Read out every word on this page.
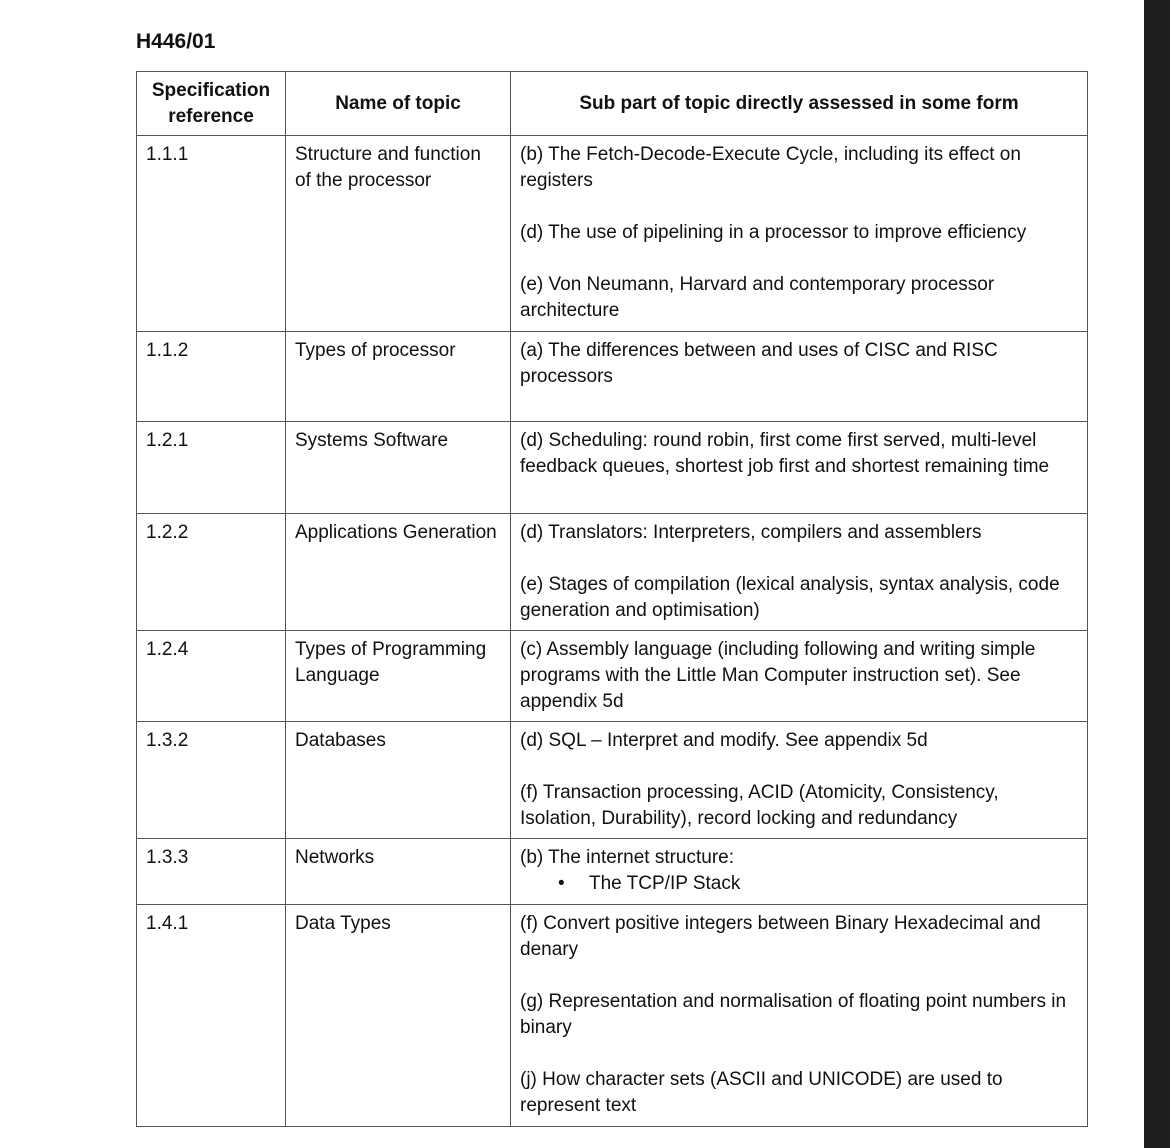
H446/01
Specification reference	Name of topic	Sub part of topic directly assessed in some form
1.1.1	Structure and function of the processor	(b) The Fetch-Decode-Execute Cycle, including its effect on registers

(d) The use of pipelining in a processor to improve efficiency

(e) Von Neumann, Harvard and contemporary processor architecture

1.1.2	Types of processor	(a) The differences between and uses of CISC and RISC processors

1.2.1	Systems Software	(d) Scheduling: round robin, first come first served, multi-level feedback queues, shortest job first and shortest remaining time

1.2.2	Applications Generation	(d) Translators: Interpreters, compilers and assemblers

(e) Stages of compilation (lexical analysis, syntax analysis, code generation and optimisation)

1.2.4	Types of Programming Language	(c) Assembly language (including following and writing simple programs with the Little Man Computer instruction set). See appendix 5d

1.3.2	Databases	(d) SQL – Interpret and modify. See appendix 5d

(f) Transaction processing, ACID (Atomicity, Consistency, Isolation, Durability), record locking and redundancy

1.3.3	Networks	(b) The internet structure:

• The TCP/IP Stack

1.4.1	Data Types	(f) Convert positive integers between Binary Hexadecimal and denary

(g) Representation and normalisation of floating point numbers in binary

(j) How character sets (ASCII and UNICODE) are used to represent text
